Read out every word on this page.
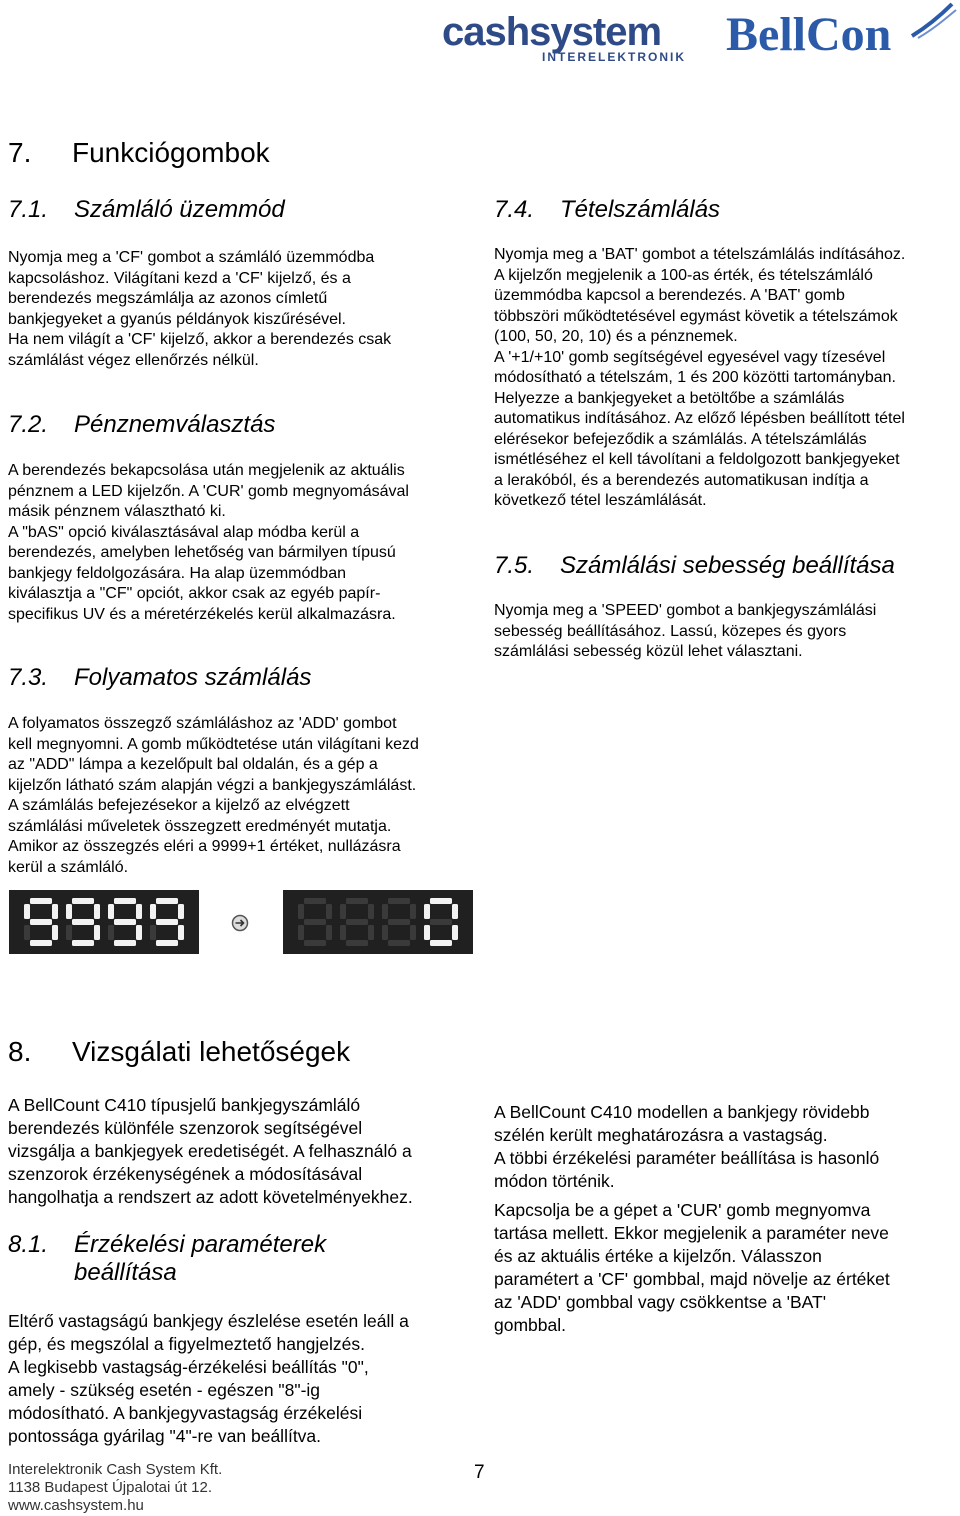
cashsystem
INTERELEKTRONIK BellCon
7. Funkciógombok
7.1. Számláló üzemmód

Nyomja meg a 'CF' gombot a számláló üzemmódba

kapcsoláshoz. Világítani kezd a 'CF' kijelző, és a

berendezés megszámlálja az azonos címletű

bankjegyeket a gyanús példányok kiszűrésével.

Ha nem világít a 'CF' kijelző, akkor a berendezés csak

számlálást végez ellenőrzés nélkül.

7.2. Pénznemválasztás

A berendezés bekapcsolása után megjelenik az aktuális

pénznem a LED kijelzőn. A 'CUR' gomb megnyomásával

másik pénznem választható ki.

A "bAS" opció kiválasztásával alap módba kerül a

berendezés, amelyben lehetőség van bármilyen típusú

bankjegy feldolgozására. Ha alap üzemmódban

kiválasztja a "CF" opciót, akkor csak az egyéb papír-

specifikus UV és a méretérzékelés kerül alkalmazásra.

7.3. Folyamatos számlálás

A folyamatos összegző számláláshoz az 'ADD' gombot

kell megnyomni. A gomb működtetése után világítani kezd

az "ADD" lámpa a kezelőpult bal oldalán, és a gép a

kijelzőn látható szám alapján végzi a bankjegyszámlálást.

A számlálás befejezésekor a kijelző az elvégzett

számlálási műveletek összegzett eredményét mutatja.

Amikor az összegzés eléri a 9999+1 értéket, nullázásra

kerül a számláló.

7.4. Tételszámlálás

Nyomja meg a 'BAT' gombot a tételszámlálás indításához.

A kijelzőn megjelenik a 100-as érték, és tételszámláló

üzemmódba kapcsol a berendezés. A 'BAT' gomb

többszöri működtetésével egymást követik a tételszámok

(100, 50, 20, 10) és a pénznemek.

A '+1/+10' gomb segítségével egyesével vagy tízesével

módosítható a tételszám, 1 és 200 közötti tartományban.

Helyezze a bankjegyeket a betöltőbe a számlálás

automatikus indításához. Az előző lépésben beállított tétel

elérésekor befejeződik a számlálás. A tételszámlálás

ismétléséhez el kell távolítani a feldolgozott bankjegyeket

a lerakóból, és a berendezés automatikusan indítja a

következő tétel leszámlálását.

7.5. Számlálási sebesség beállítása

Nyomja meg a 'SPEED' gombot a bankjegyszámlálási

sebesség beállításához. Lassú, közepes és gyors

számlálási sebesség közül lehet választani.

8. Vizsgálati lehetőségek

A BellCount C410 típusjelű bankjegyszámláló

berendezés különféle szenzorok segítségével

vizsgálja a bankjegyek eredetiségét. A felhasználó a

szenzorok érzékenységének a módosításával

hangolhatja a rendszert az adott követelményekhez.

8.1. Érzékelési paraméterek
beállítása

Eltérő vastagságú bankjegy észlelése esetén leáll a

gép, és megszólal a figyelmeztető hangjelzés.

A legkisebb vastagság-érzékelési beállítás "0",

amely - szükség esetén - egészen "8"-ig

módosítható. A bankjegyvastagság érzékelési

pontossága gyárilag "4"-re van beállítva.

A BellCount C410 modellen a bankjegy rövidebb

szélén került meghatározásra a vastagság.

A többi érzékelési paraméter beállítása is hasonló

módon történik.

Kapcsolja be a gépet a 'CUR' gomb megnyomva

tartása mellett. Ekkor megjelenik a paraméter neve

és az aktuális értéke a kijelzőn. Válasszon

paramétert a 'CF' gombbal, majd növelje az értéket

az 'ADD' gombbal vagy csökkentse a 'BAT'

gombbal.

Interelektronik Cash System Kft.
1138 Budapest Újpalotai út 12.
www.cashsystem.hu
7
